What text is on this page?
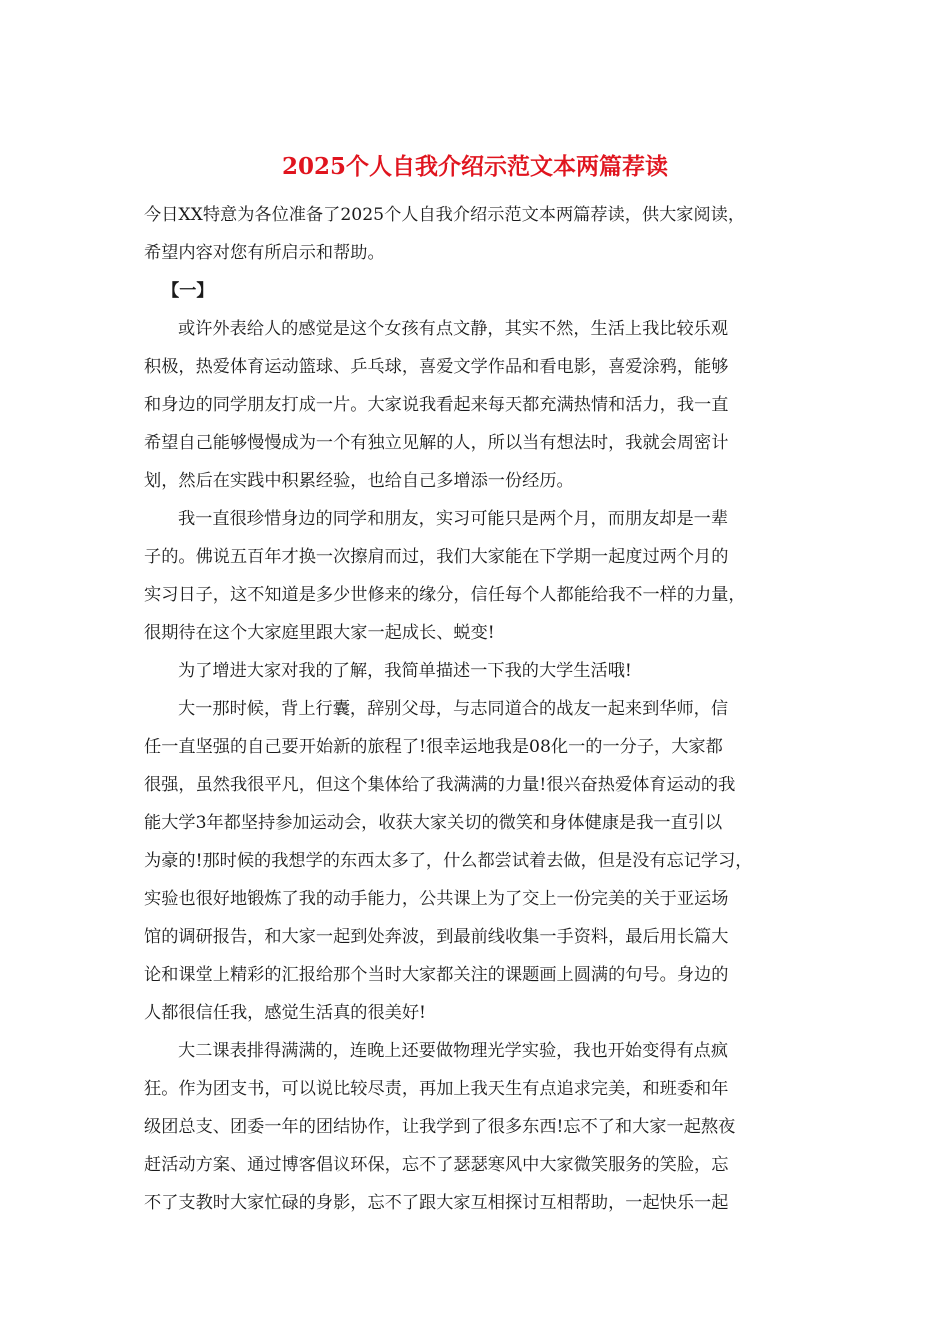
2025个人自我介绍示范文本两篇荐读
今日XX特意为各位准备了2025个人自我介绍示范文本两篇荐读，供大家阅读，
希望内容对您有所启示和帮助。
【一】
或许外表给人的感觉是这个女孩有点文静，其实不然，生活上我比较乐观
积极，热爱体育运动篮球、乒乓球，喜爱文学作品和看电影，喜爱涂鸦，能够
和身边的同学朋友打成一片。大家说我看起来每天都充满热情和活力，我一直
希望自己能够慢慢成为一个有独立见解的人，所以当有想法时，我就会周密计
划，然后在实践中积累经验，也给自己多增添一份经历。
我一直很珍惜身边的同学和朋友，实习可能只是两个月，而朋友却是一辈
子的。佛说五百年才换一次擦肩而过，我们大家能在下学期一起度过两个月的
实习日子，这不知道是多少世修来的缘分，信任每个人都能给我不一样的力量，
很期待在这个大家庭里跟大家一起成长、蜕变!
为了增进大家对我的了解，我简单描述一下我的大学生活哦!
大一那时候，背上行囊，辞别父母，与志同道合的战友一起来到华师，信
任一直坚强的自己要开始新的旅程了!很幸运地我是08化一的一分子，大家都
很强，虽然我很平凡，但这个集体给了我满满的力量!很兴奋热爱体育运动的我
能大学3年都坚持参加运动会，收获大家关切的微笑和身体健康是我一直引以
为豪的!那时候的我想学的东西太多了，什么都尝试着去做，但是没有忘记学习，
实验也很好地锻炼了我的动手能力，公共课上为了交上一份完美的关于亚运场
馆的调研报告，和大家一起到处奔波，到最前线收集一手资料，最后用长篇大
论和课堂上精彩的汇报给那个当时大家都关注的课题画上圆满的句号。身边的
人都很信任我，感觉生活真的很美好!
大二课表排得满满的，连晚上还要做物理光学实验，我也开始变得有点疯
狂。作为团支书，可以说比较尽责，再加上我天生有点追求完美，和班委和年
级团总支、团委一年的团结协作，让我学到了很多东西!忘不了和大家一起熬夜
赶活动方案、通过博客倡议环保，忘不了瑟瑟寒风中大家微笑服务的笑脸，忘
不了支教时大家忙碌的身影，忘不了跟大家互相探讨互相帮助，一起快乐一起
